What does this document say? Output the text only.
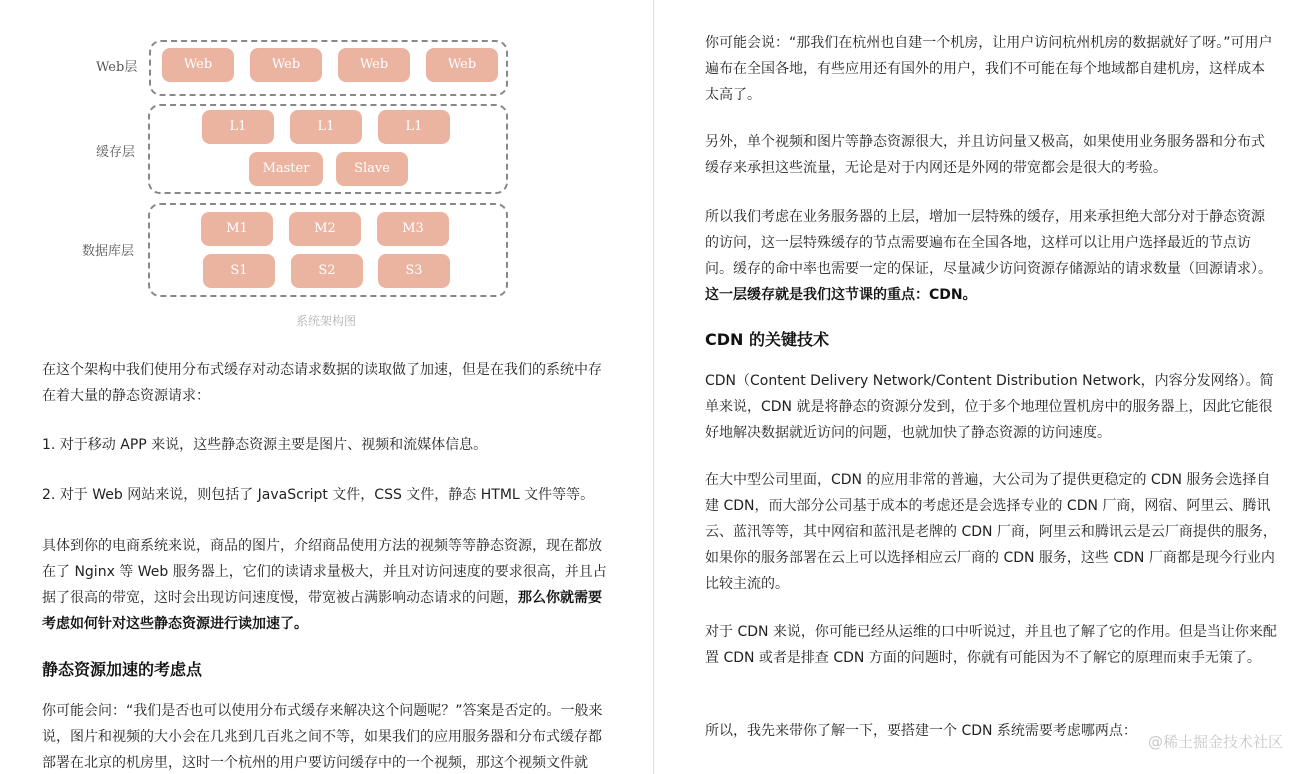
Web层
缓存层
数据库层
Web	Web	Web	Web
L1	L1	L1
Master	Slave
M1	M2	M3
S1	S2	S3
系统架构图

在这个架构中我们使用分布式缓存对动态请求数据的读取做了加速，但是在我们的系统中存在着大量的静态资源请求：

1. 对于移动 APP 来说，这些静态资源主要是图片、视频和流媒体信息。

2. 对于 Web 网站来说，则包括了 JavaScript 文件，CSS 文件，静态 HTML 文件等等。

具体到你的电商系统来说，商品的图片，介绍商品使用方法的视频等等静态资源，现在都放在了 Nginx 等 Web 服务器上，它们的读请求量极大，并且对访问速度的要求很高，并且占据了很高的带宽，这时会出现访问速度慢，带宽被占满影响动态请求的问题，那么你就需要考虑如何针对这些静态资源进行读加速了。

静态资源加速的考虑点

你可能会问：“我们是否也可以使用分布式缓存来解决这个问题呢？”答案是否定的。一般来说，图片和视频的大小会在几兆到几百兆之间不等，如果我们的应用服务器和分布式缓存都部署在北京的机房里，这时一个杭州的用户要访问缓存中的一个视频，那这个视频文件就

你可能会说：“那我们在杭州也自建一个机房，让用户访问杭州机房的数据就好了呀。”可用户遍布在全国各地，有些应用还有国外的用户，我们不可能在每个地域都自建机房，这样成本太高了。

另外，单个视频和图片等静态资源很大，并且访问量又极高，如果使用业务服务器和分布式缓存来承担这些流量，无论是对于内网还是外网的带宽都会是很大的考验。

所以我们考虑在业务服务器的上层，增加一层特殊的缓存，用来承担绝大部分对于静态资源的访问，这一层特殊缓存的节点需要遍布在全国各地，这样可以让用户选择最近的节点访问。缓存的命中率也需要一定的保证，尽量减少访问资源存储源站的请求数量（回源请求）。这一层缓存就是我们这节课的重点：CDN。

CDN 的关键技术

CDN（Content Delivery Network/Content Distribution Network，内容分发网络）。简单来说，CDN 就是将静态的资源分发到，位于多个地理位置机房中的服务器上，因此它能很好地解决数据就近访问的问题，也就加快了静态资源的访问速度。

在大中型公司里面，CDN 的应用非常的普遍，大公司为了提供更稳定的 CDN 服务会选择自建 CDN，而大部分公司基于成本的考虑还是会选择专业的 CDN 厂商，网宿、阿里云、腾讯云、蓝汛等等，其中网宿和蓝汛是老牌的 CDN 厂商，阿里云和腾讯云是云厂商提供的服务，如果你的服务部署在云上可以选择相应云厂商的 CDN 服务，这些 CDN 厂商都是现今行业内比较主流的。

对于 CDN 来说，你可能已经从运维的口中听说过，并且也了解了它的作用。但是当让你来配置 CDN 或者是排查 CDN 方面的问题时，你就有可能因为不了解它的原理而束手无策了。

所以，我先来带你了解一下，要搭建一个 CDN 系统需要考虑哪两点：

@稀土掘金技术社区
